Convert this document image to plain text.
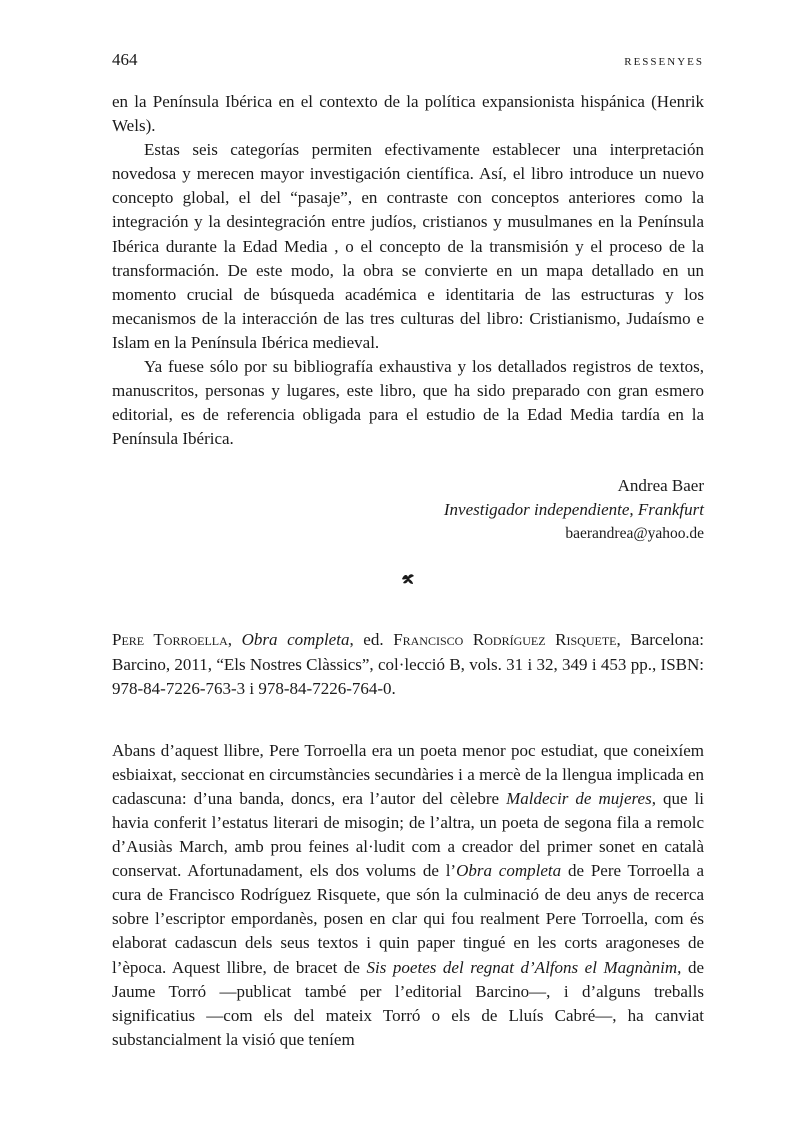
464	RESSENYES

en la Península Ibérica en el contexto de la política expansionista hispánica (Henrik Wels).

Estas seis categorías permiten efectivamente establecer una interpretación novedosa y merecen mayor investigación científica. Así, el libro introduce un nuevo concepto global, el del “pasaje”, en contraste con conceptos anteriores como la integración y la desintegración entre judíos, cristianos y musulmanes en la Península Ibérica durante la Edad Media , o el concepto de la transmisión y el proceso de la transformación. De este modo, la obra se convierte en un mapa detallado en un momento crucial de búsqueda académica e identitaria de las estructuras y los mecanismos de la interacción de las tres culturas del libro: Cristianismo, Judaísmo e Islam en la Península Ibérica medieval.

Ya fuese sólo por su bibliografía exhaustiva y los detallados registros de textos, manuscritos, personas y lugares, este libro, que ha sido preparado con gran esmero editorial, es de referencia obligada para el estudio de la Edad Media tardía en la Península Ibérica.

Andrea Baer
Investigador independiente, Frankfurt
baerandrea@yahoo.de

Pere Torroella, Obra completa, ed. Francisco Rodríguez Risquete, Barcelona: Barcino, 2011, “Els Nostres Clàssics”, col·lecció B, vols. 31 i 32, 349 i 453 pp., ISBN: 978-84-7226-763-3 i 978-84-7226-764-0.

Abans d’aquest llibre, Pere Torroella era un poeta menor poc estudiat, que coneixíem esbiaixat, seccionat en circumstàncies secundàries i a mercè de la llengua implicada en cadascuna: d’una banda, doncs, era l’autor del cèlebre Maldecir de mujeres, que li havia conferit l’estatus literari de misogin; de l’altra, un poeta de segona fila a remolc d’Ausiàs March, amb prou feines al·ludit com a creador del primer sonet en català conservat. Afortunadament, els dos volums de l’Obra completa de Pere Torroella a cura de Francisco Rodríguez Risquete, que són la culminació de deu anys de recerca sobre l’escriptor empordanès, posen en clar qui fou realment Pere Torroella, com és elaborat cadascun dels seus textos i quin paper tingué en les corts aragoneses de l’època. Aquest llibre, de bracet de Sis poetes del regnat d’Alfons el Magnànim, de Jaume Torró —publicat també per l’editorial Barcino—, i d’alguns treballs significatius —com els del mateix Torró o els de Lluís Cabré—, ha canviat substancialment la visió que teníem
